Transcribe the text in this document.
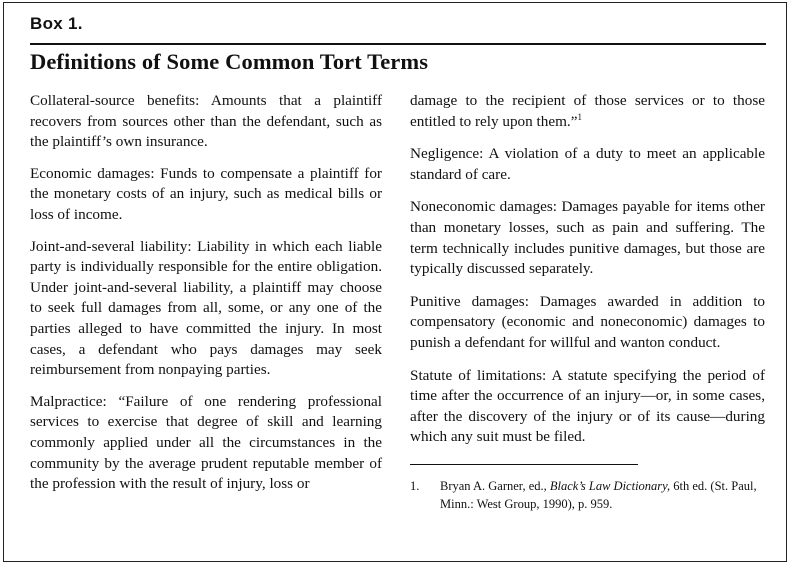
Box 1.
Definitions of Some Common Tort Terms

Collateral-source benefits: Amounts that a plaintiff recovers from sources other than the defendant, such as the plaintiff’s own insurance.

Economic damages: Funds to compensate a plaintiff for the monetary costs of an injury, such as medical bills or loss of income.

Joint-and-several liability: Liability in which each liable party is individually responsible for the entire obligation. Under joint-and-several liability, a plaintiff may choose to seek full damages from all, some, or any one of the parties alleged to have committed the injury. In most cases, a defendant who pays damages may seek reimbursement from nonpaying parties.

Malpractice: “Failure of one rendering professional services to exercise that degree of skill and learning commonly applied under all the circumstances in the community by the average prudent reputable member of the profession with the result of injury, loss or

damage to the recipient of those services or to those entitled to rely upon them.”$^1$

Negligence: A violation of a duty to meet an applicable standard of care.

Noneconomic damages: Damages payable for items other than monetary losses, such as pain and suffering. The term technically includes punitive damages, but those are typically discussed separately.

Punitive damages: Damages awarded in addition to compensatory (economic and noneconomic) damages to punish a defendant for willful and wanton conduct.

Statute of limitations: A statute specifying the period of time after the occurrence of an injury—or, in some cases, after the discovery of the injury or of its cause—during which any suit must be filed.

1. Bryan A. Garner, ed., Black’s Law Dictionary, 6th ed. (St. Paul, Minn.: West Group, 1990), p. 959.
